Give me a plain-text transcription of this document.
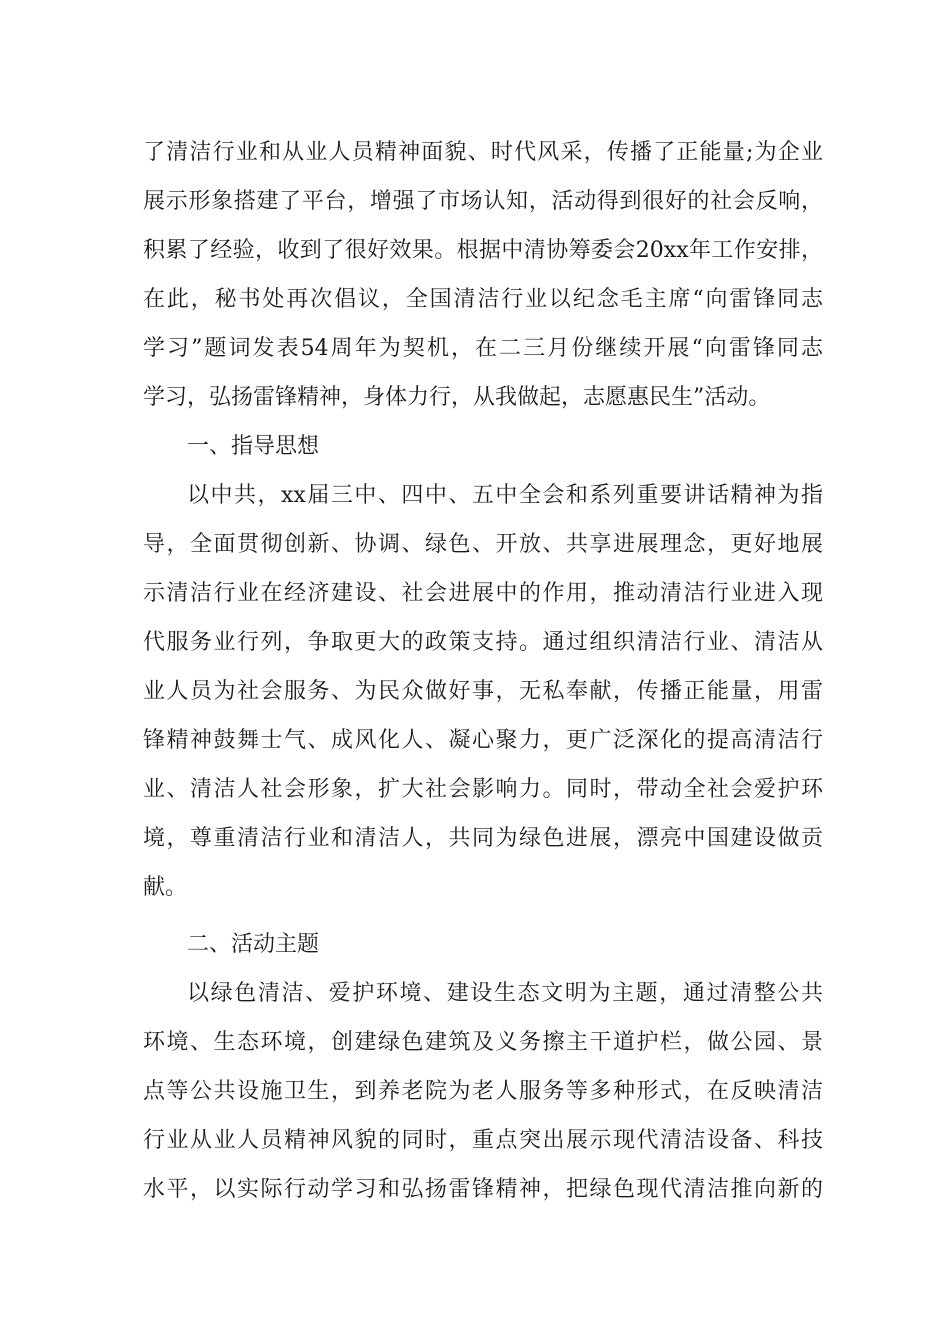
了清洁行业和从业人员精神面貌、时代风采，传播了正能量;为企业
展示形象搭建了平台，增强了市场认知，活动得到很好的社会反响，
积累了经验，收到了很好效果。根据中清协筹委会20xx年工作安排，
在此，秘书处再次倡议，全国清洁行业以纪念毛主席“向雷锋同志
学习”题词发表54周年为契机，在二三月份继续开展“向雷锋同志
学习，弘扬雷锋精神，身体力行，从我做起，志愿惠民生”活动。
一、指导思想
以中共，xx届三中、四中、五中全会和系列重要讲话精神为指
导，全面贯彻创新、协调、绿色、开放、共享进展理念，更好地展
示清洁行业在经济建设、社会进展中的作用，推动清洁行业进入现
代服务业行列，争取更大的政策支持。通过组织清洁行业、清洁从
业人员为社会服务、为民众做好事，无私奉献，传播正能量，用雷
锋精神鼓舞士气、成风化人、凝心聚力，更广泛深化的提高清洁行
业、清洁人社会形象，扩大社会影响力。同时，带动全社会爱护环
境，尊重清洁行业和清洁人，共同为绿色进展，漂亮中国建设做贡
献。
二、活动主题
以绿色清洁、爱护环境、建设生态文明为主题，通过清整公共
环境、生态环境，创建绿色建筑及义务擦主干道护栏，做公园、景
点等公共设施卫生，到养老院为老人服务等多种形式，在反映清洁
行业从业人员精神风貌的同时，重点突出展示现代清洁设备、科技
水平，以实际行动学习和弘扬雷锋精神，把绿色现代清洁推向新的
